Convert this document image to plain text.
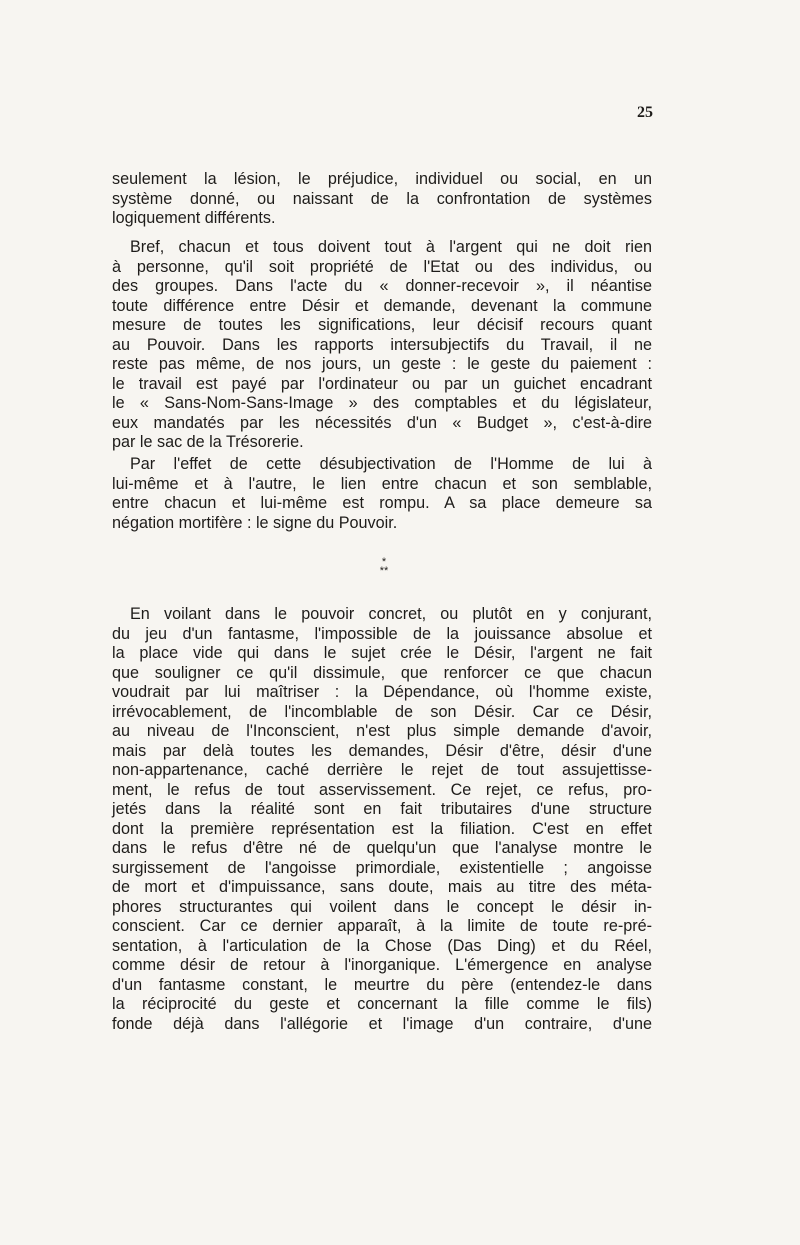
25
seulement la lésion, le préjudice, individuel ou social, en un
système donné, ou naissant de la confrontation de systèmes
logiquement différents.
Bref, chacun et tous doivent tout à l'argent qui ne doit rien
à personne, qu'il soit propriété de l'Etat ou des individus, ou
des groupes. Dans l'acte du « donner-recevoir », il néantise
toute différence entre Désir et demande, devenant la commune
mesure de toutes les significations, leur décisif recours quant
au Pouvoir. Dans les rapports intersubjectifs du Travail, il ne
reste pas même, de nos jours, un geste : le geste du paiement :
le travail est payé par l'ordinateur ou par un guichet encadrant
le « Sans-Nom-Sans-Image » des comptables et du législateur,
eux mandatés par les nécessités d'un « Budget », c'est-à-dire
par le sac de la Trésorerie.
Par l'effet de cette désubjectivation de l'Homme de lui à
lui-même et à l'autre, le lien entre chacun et son semblable,
entre chacun et lui-même est rompu. A sa place demeure sa
négation mortifère : le signe du Pouvoir.
*
**
En voilant dans le pouvoir concret, ou plutôt en y conjurant,
du jeu d'un fantasme, l'impossible de la jouissance absolue et
la place vide qui dans le sujet crée le Désir, l'argent ne fait
que souligner ce qu'il dissimule, que renforcer ce que chacun
voudrait par lui maîtriser : la Dépendance, où l'homme existe,
irrévocablement, de l'incomblable de son Désir. Car ce Désir,
au niveau de l'Inconscient, n'est plus simple demande d'avoir,
mais par delà toutes les demandes, Désir d'être, désir d'une
non-appartenance, caché derrière le rejet de tout assujettisse-
ment, le refus de tout asservissement. Ce rejet, ce refus, pro-
jetés dans la réalité sont en fait tributaires d'une structure
dont la première représentation est la filiation. C'est en effet
dans le refus d'être né de quelqu'un que l'analyse montre le
surgissement de l'angoisse primordiale, existentielle ; angoisse
de mort et d'impuissance, sans doute, mais au titre des méta-
phores structurantes qui voilent dans le concept le désir in-
conscient. Car ce dernier apparaît, à la limite de toute re-pré-
sentation, à l'articulation de la Chose (Das Ding) et du Réel,
comme désir de retour à l'inorganique. L'émergence en analyse
d'un fantasme constant, le meurtre du père (entendez-le dans
la réciprocité du geste et concernant la fille comme le fils)
fonde déjà dans l'allégorie et l'image d'un contraire, d'une
